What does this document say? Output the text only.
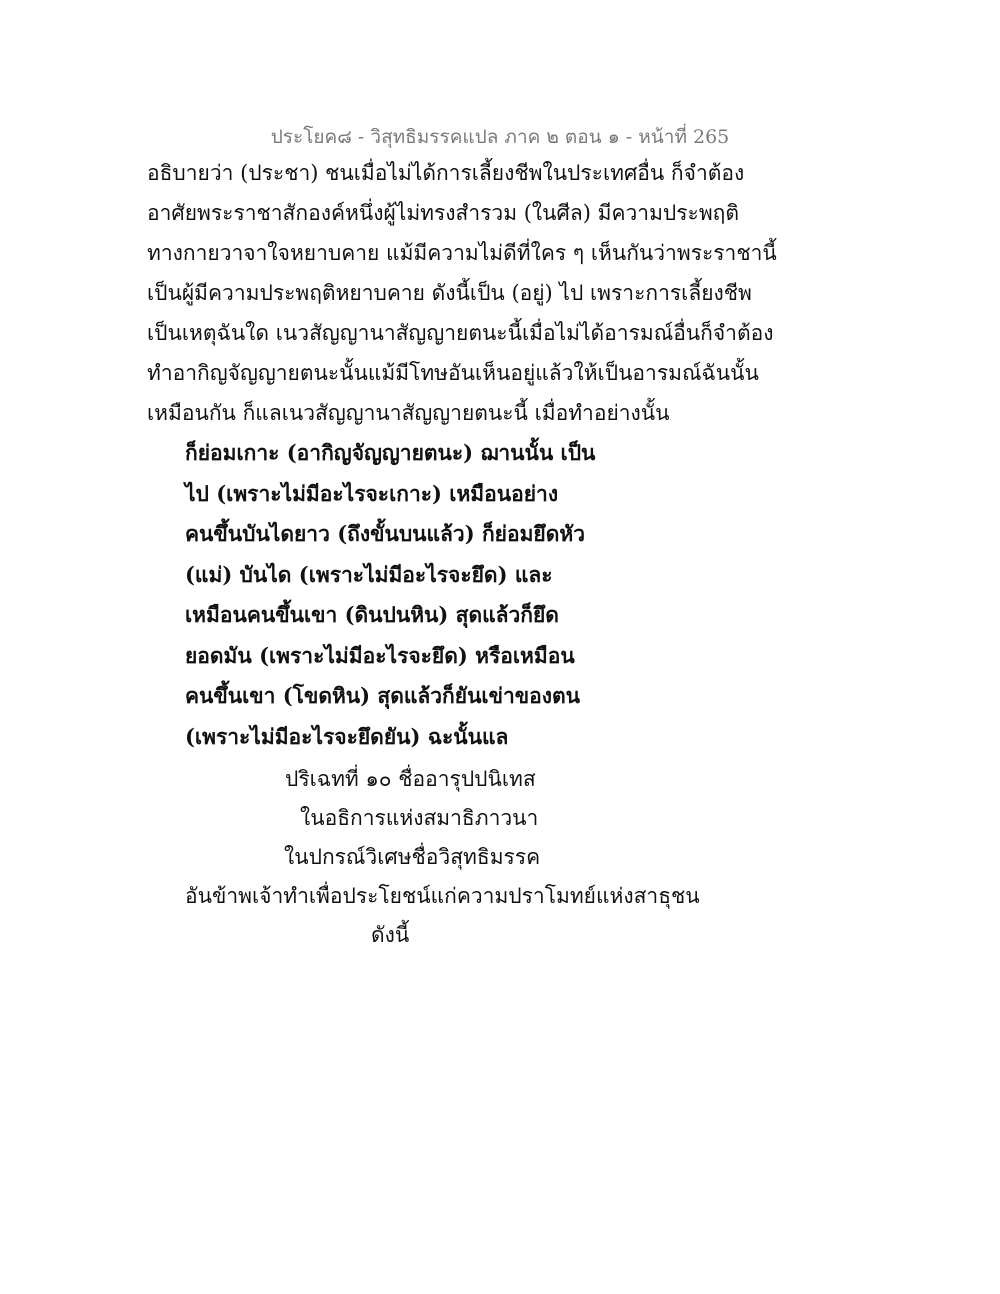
ประโยค๘ - วิสุทธิมรรคแปล ภาค ๒ ตอน ๑ - หน้าที่ 265
อธิบายว่า (ประชา) ชนเมื่อไม่ได้การเลี้ยงชีพในประเทศอื่น ก็จำต้อง
อาศัยพระราชาสักองค์หนึ่งผู้ไม่ทรงสำรวม (ในศีล) มีความประพฤติ
ทางกายวาจาใจหยาบคาย แม้มีความไม่ดีที่ใคร ๆ เห็นกันว่าพระราชานี้
เป็นผู้มีความประพฤติหยาบคาย ดังนี้เป็น (อยู่) ไป เพราะการเลี้ยงชีพ
เป็นเหตุฉันใด เนวสัญญานาสัญญายตนะนี้เมื่อไม่ได้อารมณ์อื่นก็จำต้อง
ทำอากิญจัญญายตนะนั้นแม้มีโทษอันเห็นอยู่แล้วให้เป็นอารมณ์ฉันนั้น
เหมือนกัน ก็แลเนวสัญญานาสัญญายตนะนี้ เมื่อทำอย่างนั้น
ก็ย่อมเกาะ (อากิญจัญญายตนะ) ฌานนั้น เป็น
ไป (เพราะไม่มีอะไรจะเกาะ) เหมือนอย่าง
คนขึ้นบันไดยาว (ถึงขั้นบนแล้ว) ก็ย่อมยึดหัว
(แม่) บันได (เพราะไม่มีอะไรจะยึด) และ
เหมือนคนขึ้นเขา (ดินปนหิน) สุดแล้วก็ยึด
ยอดมัน (เพราะไม่มีอะไรจะยึด) หรือเหมือน
คนขึ้นเขา (โขดหิน) สุดแล้วก็ยันเข่าของตน
(เพราะไม่มีอะไรจะยึดยัน) ฉะนั้นแล
ปริเฉทที่ ๑๐ ชื่ออารุปปนิเทส
ในอธิการแห่งสมาธิภาวนา
ในปกรณ์วิเศษชื่อวิสุทธิมรรค
อันข้าพเจ้าทำเพื่อประโยชน์แก่ความปราโมทย์แห่งสาธุชน
ดังนี้
